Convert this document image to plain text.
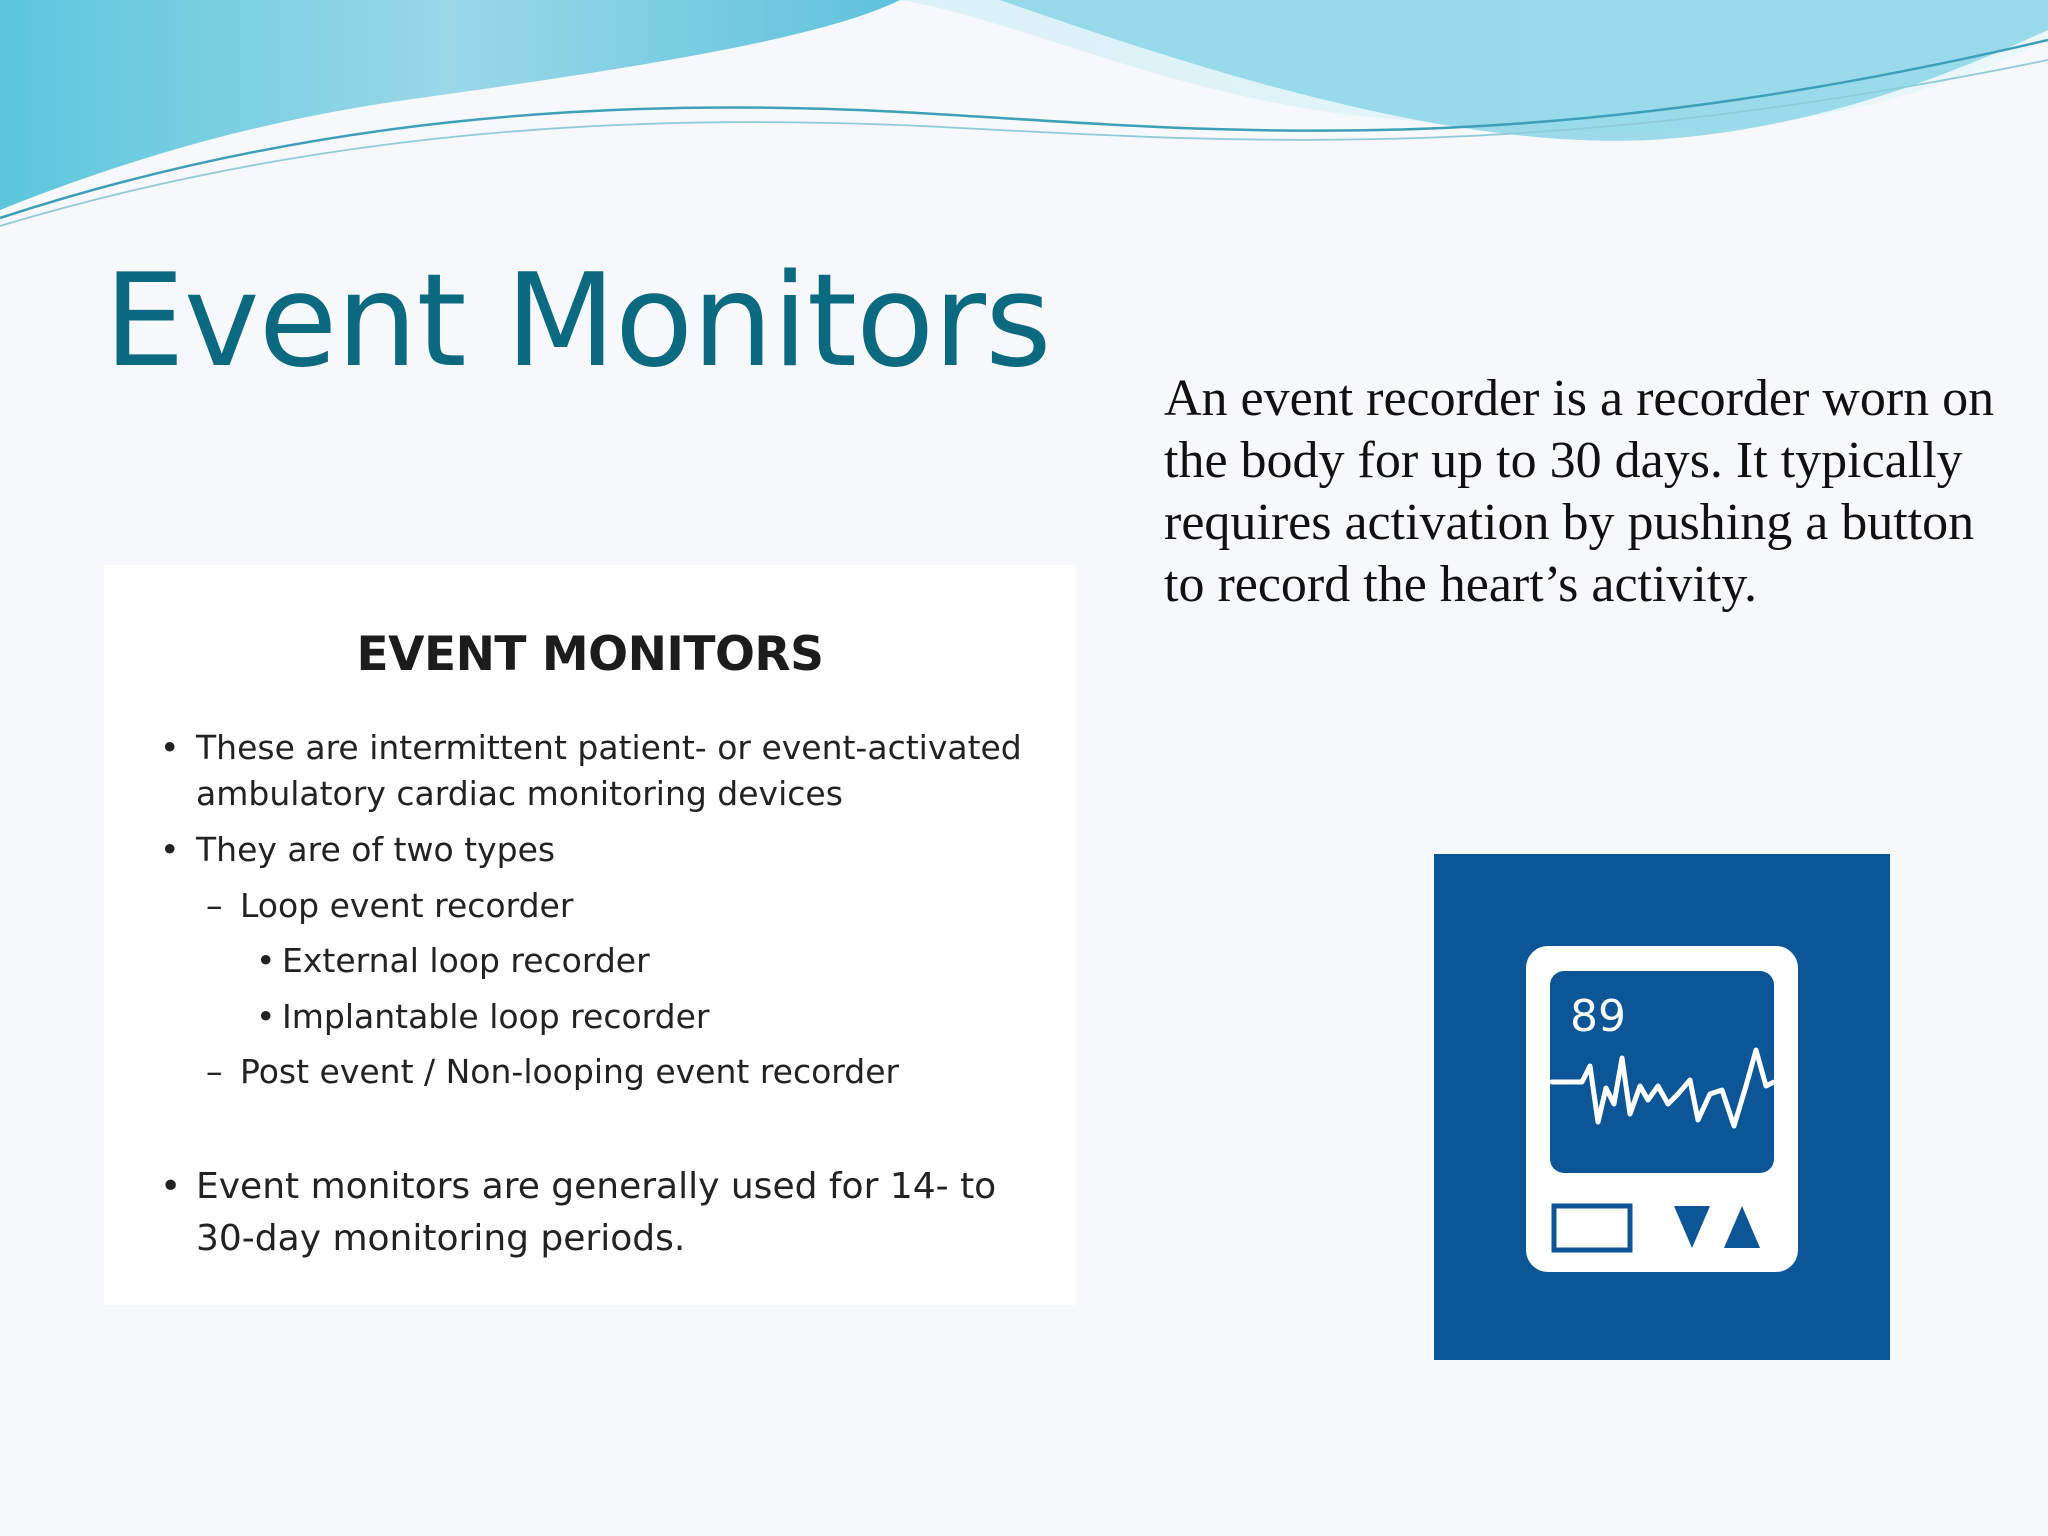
Event Monitors

An event recorder is a recorder worn on the body for up to 30 days. It typically requires activation by pushing a button to record the heart’s activity.

EVENT MONITORS
• These are intermittent patient- or event-activated
ambulatory cardiac monitoring devices
• They are of two types
– Loop event recorder
• External loop recorder
• Implantable loop recorder
– Post event / Non-looping event recorder
• Event monitors are generally used for 14- to
30-day monitoring periods.
89
